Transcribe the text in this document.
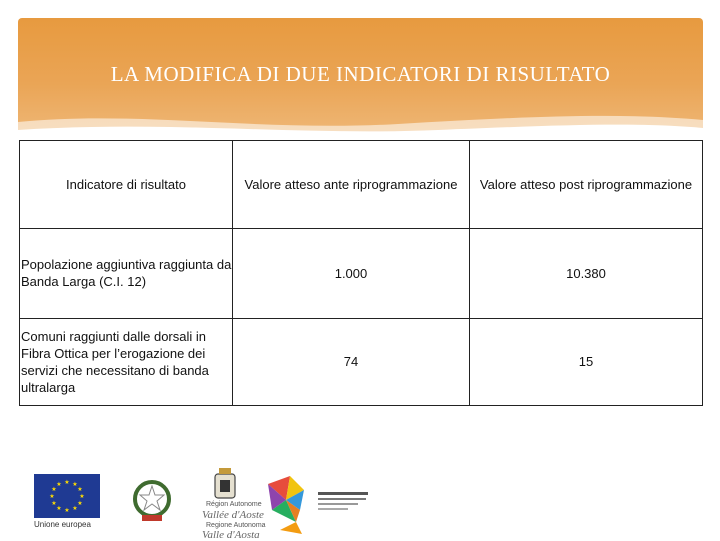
LA MODIFICA DI DUE INDICATORI DI RISULTATO
Indicatore di risultato	Valore atteso ante riprogrammazione	Valore atteso post riprogrammazione
Popolazione aggiuntiva raggiunta da Banda Larga (C.I. 12)	1.000	10.380
Comuni raggiunti dalle dorsali in Fibra Ottica per l’erogazione dei servizi che necessitano di banda ultralarga	74	15
★ ★
★
★
★
★
★
★
★
★
★
★
Unione europea
Région Autonome
Vallée d'Aoste
Regione Autonoma
Valle d'Aosta
